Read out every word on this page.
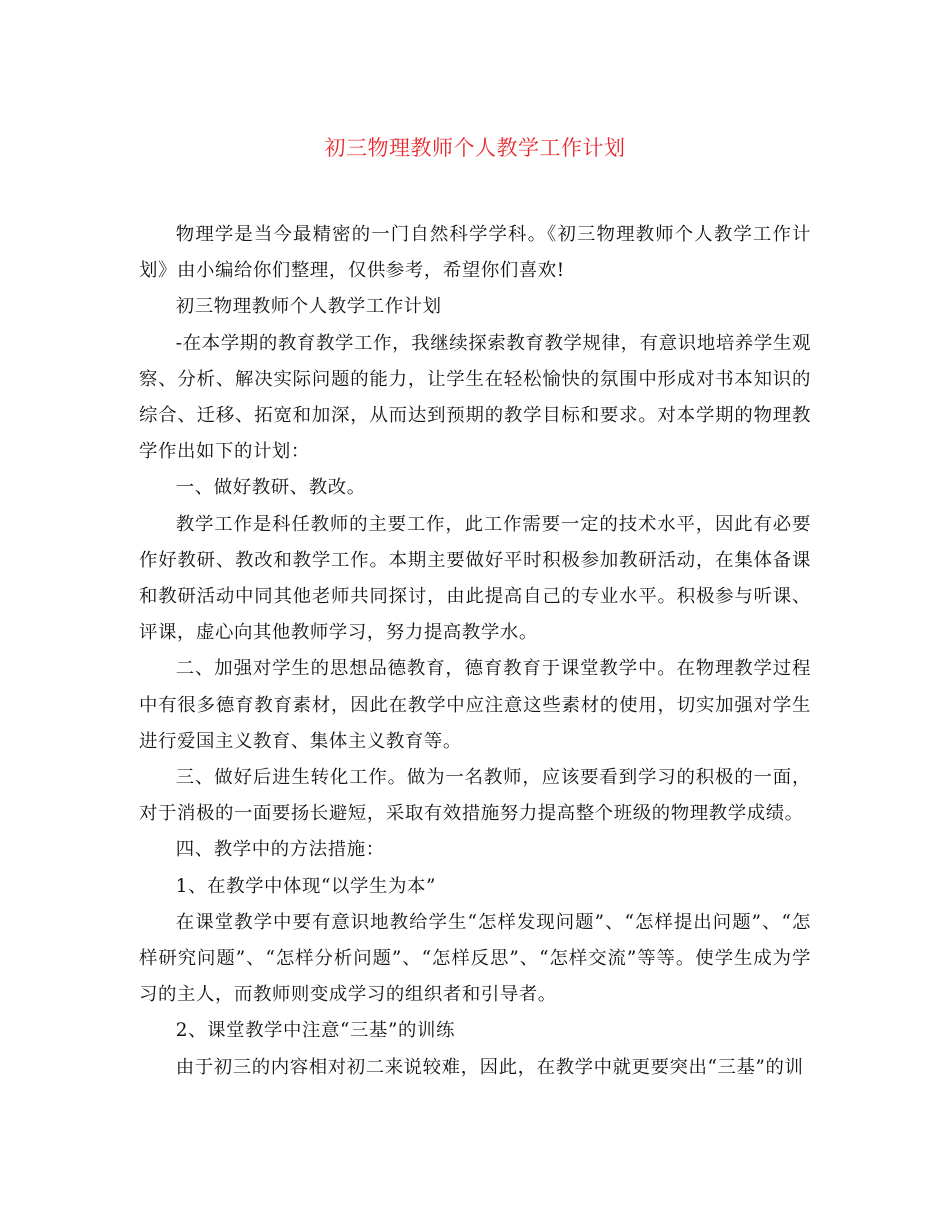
初三物理教师个人教学工作计划

物理学是当今最精密的一门自然科学学科。《初三物理教师个人教学工作计划》由小编给你们整理，仅供参考，希望你们喜欢!

初三物理教师个人教学工作计划

-在本学期的教育教学工作，我继续探索教育教学规律，有意识地培养学生观察、分析、解决实际问题的能力，让学生在轻松愉快的氛围中形成对书本知识的综合、迁移、拓宽和加深，从而达到预期的教学目标和要求。对本学期的物理教学作出如下的计划：

一、做好教研、教改。

教学工作是科任教师的主要工作，此工作需要一定的技术水平，因此有必要作好教研、教改和教学工作。本期主要做好平时积极参加教研活动，在集体备课和教研活动中同其他老师共同探讨，由此提高自己的专业水平。积极参与听课、评课，虚心向其他教师学习，努力提高教学水。

二、加强对学生的思想品德教育，德育教育于课堂教学中。在物理教学过程中有很多德育教育素材，因此在教学中应注意这些素材的使用，切实加强对学生进行爱国主义教育、集体主义教育等。

三、做好后进生转化工作。做为一名教师，应该要看到学习的积极的一面，对于消极的一面要扬长避短，采取有效措施努力提高整个班级的物理教学成绩。

四、教学中的方法措施：

1、在教学中体现“以学生为本”

在课堂教学中要有意识地教给学生“怎样发现问题”、“怎样提出问题”、“怎样研究问题”、“怎样分析问题”、“怎样反思”、“怎样交流”等等。使学生成为学习的主人，而教师则变成学习的组织者和引导者。

2、课堂教学中注意“三基”的训练

由于初三的内容相对初二来说较难，因此，在教学中就更要突出“三基”的训
